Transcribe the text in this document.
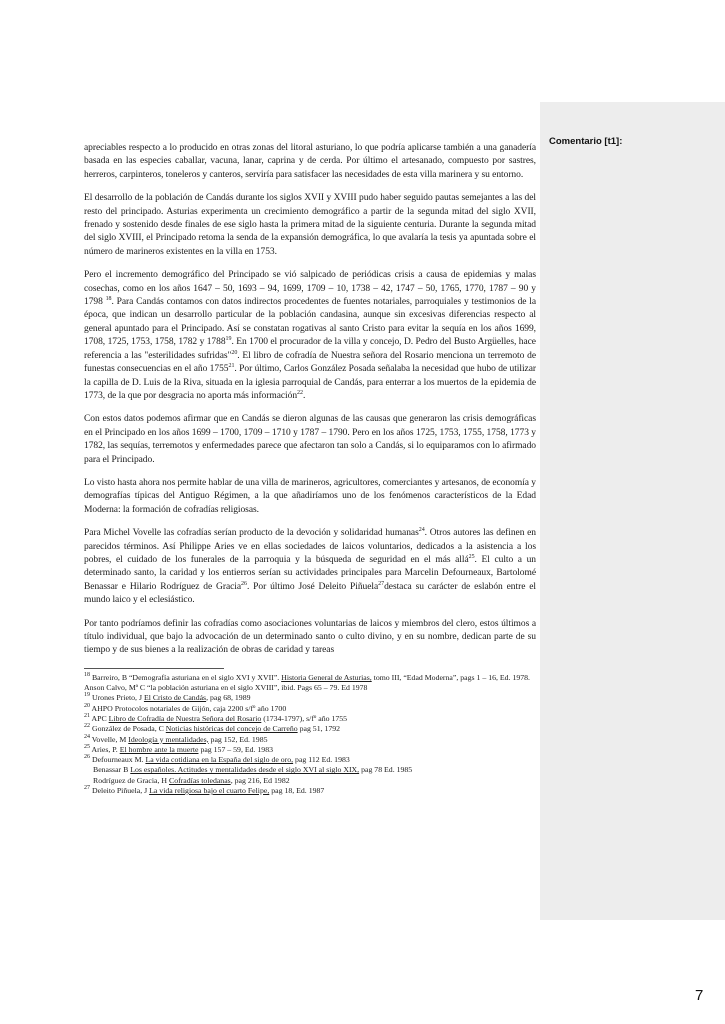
Comentario [t1]:

apreciables respecto a lo producido en otras zonas del litoral asturiano, lo que podría aplicarse también a una ganadería basada en las especies caballar, vacuna, lanar, caprina y de cerda. Por último el artesanado, compuesto por sastres, herreros, carpinteros, toneleros y canteros, serviría para satisfacer las necesidades de esta villa marinera y su entorno.

El desarrollo de la población de Candás durante los siglos XVII y XVIII pudo haber seguido pautas semejantes a las del resto del principado. Asturias experimenta un crecimiento demográfico a partir de la segunda mitad del siglo XVII, frenado y sostenido desde finales de ese siglo hasta la primera mitad de la siguiente centuria. Durante la segunda mitad del siglo XVIII, el Principado retoma la senda de la expansión demográfica, lo que avalaría la tesis ya apuntada sobre el número de marineros existentes en la villa en 1753.

Pero el incremento demográfico del Principado se vió salpicado de periódicas crisis a causa de epidemias y malas cosechas, como en los años 1647 – 50, 1693 – 94, 1699, 1709 – 10, 1738 – 42, 1747 – 50, 1765, 1770, 1787 – 90 y 1798 $^{18}$. Para Candás contamos con datos indirectos procedentes de fuentes notariales, parroquiales y testimonios de la época, que indican un desarrollo particular de la población candasina, aunque sin excesivas diferencias respecto al general apuntado para el Principado. Así se constatan rogativas al santo Cristo para evitar la sequía en los años 1699, 1708, 1725, 1753, 1758, 1782 y 1788$^{19}$. En 1700 el procurador de la villa y concejo, D. Pedro del Busto Argüelles, hace referencia a las "esterilidades sufridas"$^{20}$. El libro de cofradía de Nuestra señora del Rosario menciona un terremoto de funestas consecuencias en el año 1755$^{21}$. Por último, Carlos González Posada señalaba la necesidad que hubo de utilizar la capilla de D. Luis de la Riva, situada en la iglesia parroquial de Candás, para enterrar a los muertos de la epidemia de 1773, de la que por desgracia no aporta más información$^{22}$.

Con estos datos podemos afirmar que en Candás se dieron algunas de las causas que generaron las crisis demográficas en el Principado en los años 1699 – 1700, 1709 – 1710 y 1787 – 1790. Pero en los años 1725, 1753, 1755, 1758, 1773 y 1782, las sequías, terremotos y enfermedades parece que afectaron tan solo a Candás, si lo equiparamos con lo afirmado para el Principado.

Lo visto hasta ahora nos permite hablar de una villa de marineros, agricultores, comerciantes y artesanos, de economía y demografías típicas del Antiguo Régimen, a la que añadiríamos uno de los fenómenos característicos de la Edad Moderna: la formación de cofradías religiosas.

Para Michel Vovelle las cofradías serían producto de la devoción y solidaridad humanas$^{24}$. Otros autores las definen en parecidos términos. Así Philippe Aries ve en ellas sociedades de laicos voluntarios, dedicados a la asistencia a los pobres, el cuidado de los funerales de la parroquia y la búsqueda de seguridad en el más allá$^{25}$. El culto a un determinado santo, la caridad y los entierros serían su actividades principales para Marcelin Defourneaux, Bartolomé Benassar e Hilario Rodríguez de Gracia$^{26}$. Por último José Deleito Piñuela$^{27}$destaca su carácter de eslabón entre el mundo laico y el eclesiástico.

Por tanto podríamos definir las cofradías como asociaciones voluntarias de laicos y miembros del clero, estos últimos a título individual, que bajo la advocación de un determinado santo o culto divino, y en su nombre, dedican parte de su tiempo y de sus bienes a la realización de obras de caridad y tareas

$^{18}$ Barreiro, B “Demografía asturiana en el siglo XVI y XVII”. Historia General de Asturias, tomo III, “Edad Moderna”, pags 1 – 16, Ed. 1978.

Anson Calvo, Mª C “la población asturiana en el siglo XVIII”, ibid. Pags 65 – 79. Ed 1978

$^{19}$ Urones Prieto, J El Cristo de Candás, pag 68, 1989

$^{20}$ AHPO Protocolos notariales de Gijón, caja 2200 s/fº año 1700

$^{21}$ APC Libro de Cofradía de Nuestra Señora del Rosario (1734-1797), s/fº año 1755

$^{22}$ González de Posada, C Noticias históricas del concejo de Carreño pag 51, 1792

$^{24}$ Vovelle, M Ideología y mentalidades, pag 152, Ed. 1985

$^{25}$ Aries, P. El hombre ante la muerte pag 157 – 59, Ed. 1983

$^{26}$ Defourneaux M. La vida cotidiana en la España del siglo de oro, pag 112 Ed. 1983

Benassar B Los españoles. Actitudes y mentalidades desde el siglo XVI al siglo XIX, pag 78 Ed. 1985

Rodríguez de Gracia, H Cofradías toledanas, pag 216, Ed 1982

$^{27}$ Deleito Piñuela, J La vida religiosa bajo el cuarto Felipe, pag 18, Ed. 1987

7
